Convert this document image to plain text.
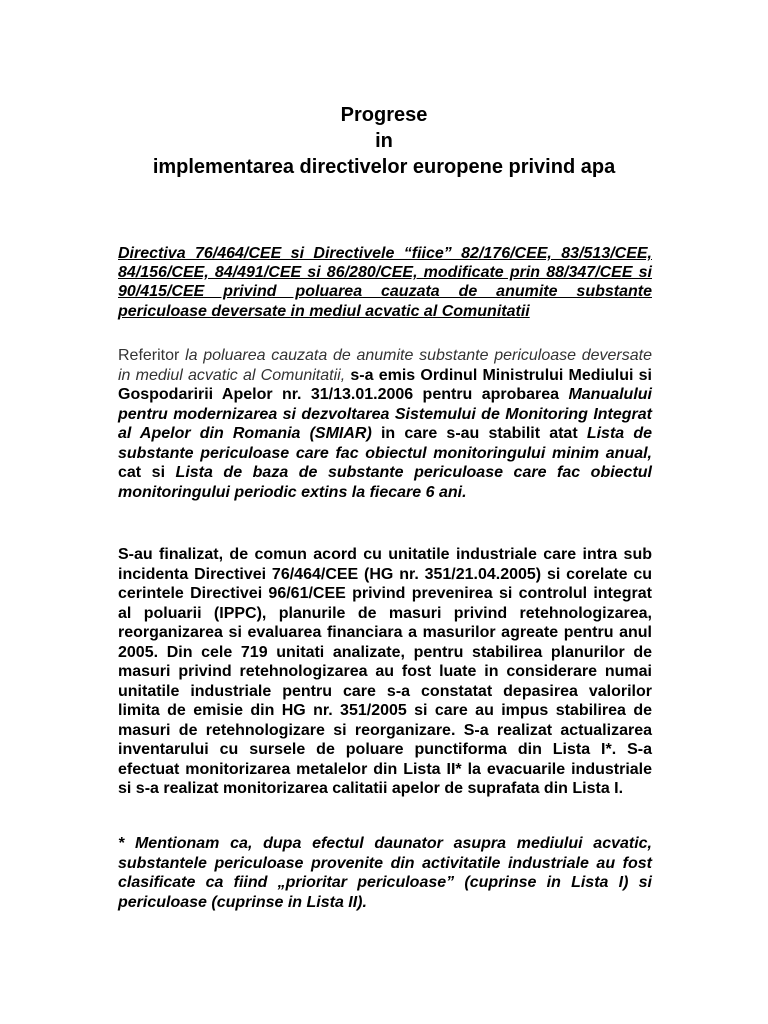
Progrese
in
implementarea directivelor europene privind apa
Directiva 76/464/CEE si Directivele “fiice” 82/176/CEE, 83/513/CEE, 84/156/CEE, 84/491/CEE si 86/280/CEE, modificate prin 88/347/CEE si 90/415/CEE privind poluarea cauzata de anumite substante periculoase deversate in mediul acvatic al Comunitatii
Referitor la poluarea cauzata de anumite substante periculoase deversate in mediul acvatic al Comunitatii, s-a emis Ordinul Ministrului Mediului si Gospodaririi Apelor nr. 31/13.01.2006 pentru aprobarea Manualului pentru modernizarea si dezvoltarea Sistemului de Monitoring Integrat al Apelor din Romania (SMIAR) in care s-au stabilit atat Lista de substante periculoase care fac obiectul monitoringului minim anual, cat si Lista de baza de substante periculoase care fac obiectul monitoringului periodic extins la fiecare 6 ani.
S-au finalizat, de comun acord cu unitatile industriale care intra sub incidenta Directivei 76/464/CEE (HG nr. 351/21.04.2005) si corelate cu cerintele Directivei 96/61/CEE privind prevenirea si controlul integrat al poluarii (IPPC), planurile de masuri privind retehnologizarea, reorganizarea si evaluarea financiara a masurilor agreate pentru anul 2005. Din cele 719 unitati analizate, pentru stabilirea planurilor de masuri privind retehnologizarea au fost luate in considerare numai unitatile industriale pentru care s-a constatat depasirea valorilor limita de emisie din HG nr. 351/2005 si care au impus stabilirea de masuri de retehnologizare si reorganizare. S-a realizat actualizarea inventarului cu sursele de poluare punctiforma din Lista I*. S-a efectuat monitorizarea metalelor din Lista II* la evacuarile industriale si s-a realizat monitorizarea calitatii apelor de suprafata din Lista I.
* Mentionam ca, dupa efectul daunator asupra mediului acvatic, substantele periculoase provenite din activitatile industriale au fost clasificate ca fiind „prioritar periculoase” (cuprinse in Lista I) si periculoase (cuprinse in Lista II).
